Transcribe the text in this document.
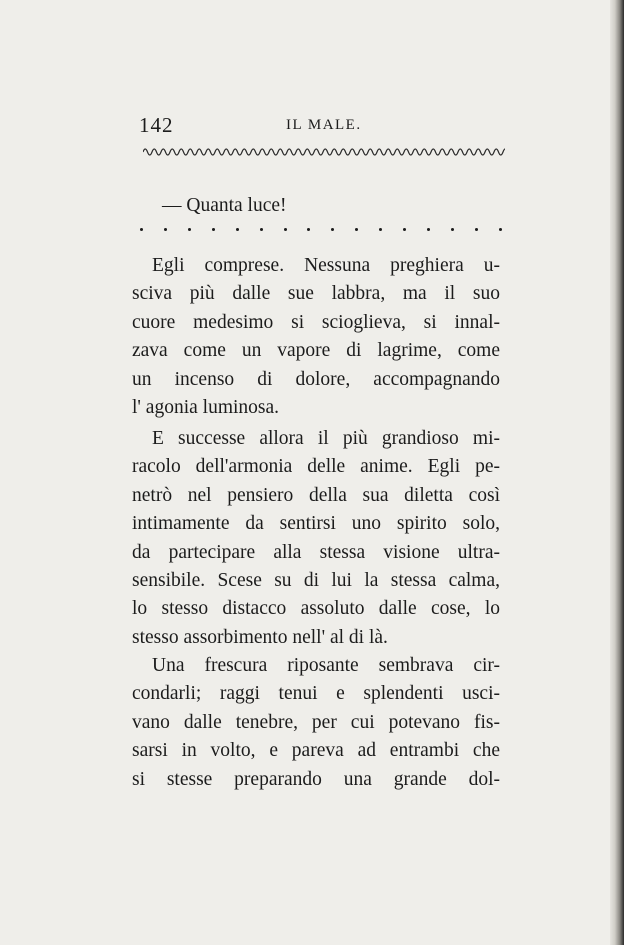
142	IL MALE.
— Quanta luce!
Egli comprese. Nessuna preghiera u-
sciva più dalle sue labbra, ma il suo
cuore medesimo si scioglieva, si innal-
zava come un vapore di lagrime, come
un incenso di dolore, accompagnando
l' agonia luminosa.
E successe allora il più grandioso mi-
racolo dell'armonia delle anime. Egli pe-
netrò nel pensiero della sua diletta così
intimamente da sentirsi uno spirito solo,
da partecipare alla stessa visione ultra-
sensibile. Scese su di lui la stessa calma,
lo stesso distacco assoluto dalle cose, lo
stesso assorbimento nell' al di là.
Una frescura riposante sembrava cir-
condarli; raggi tenui e splendenti usci-
vano dalle tenebre, per cui potevano fis-
sarsi in volto, e pareva ad entrambi che
si stesse preparando una grande dol-
